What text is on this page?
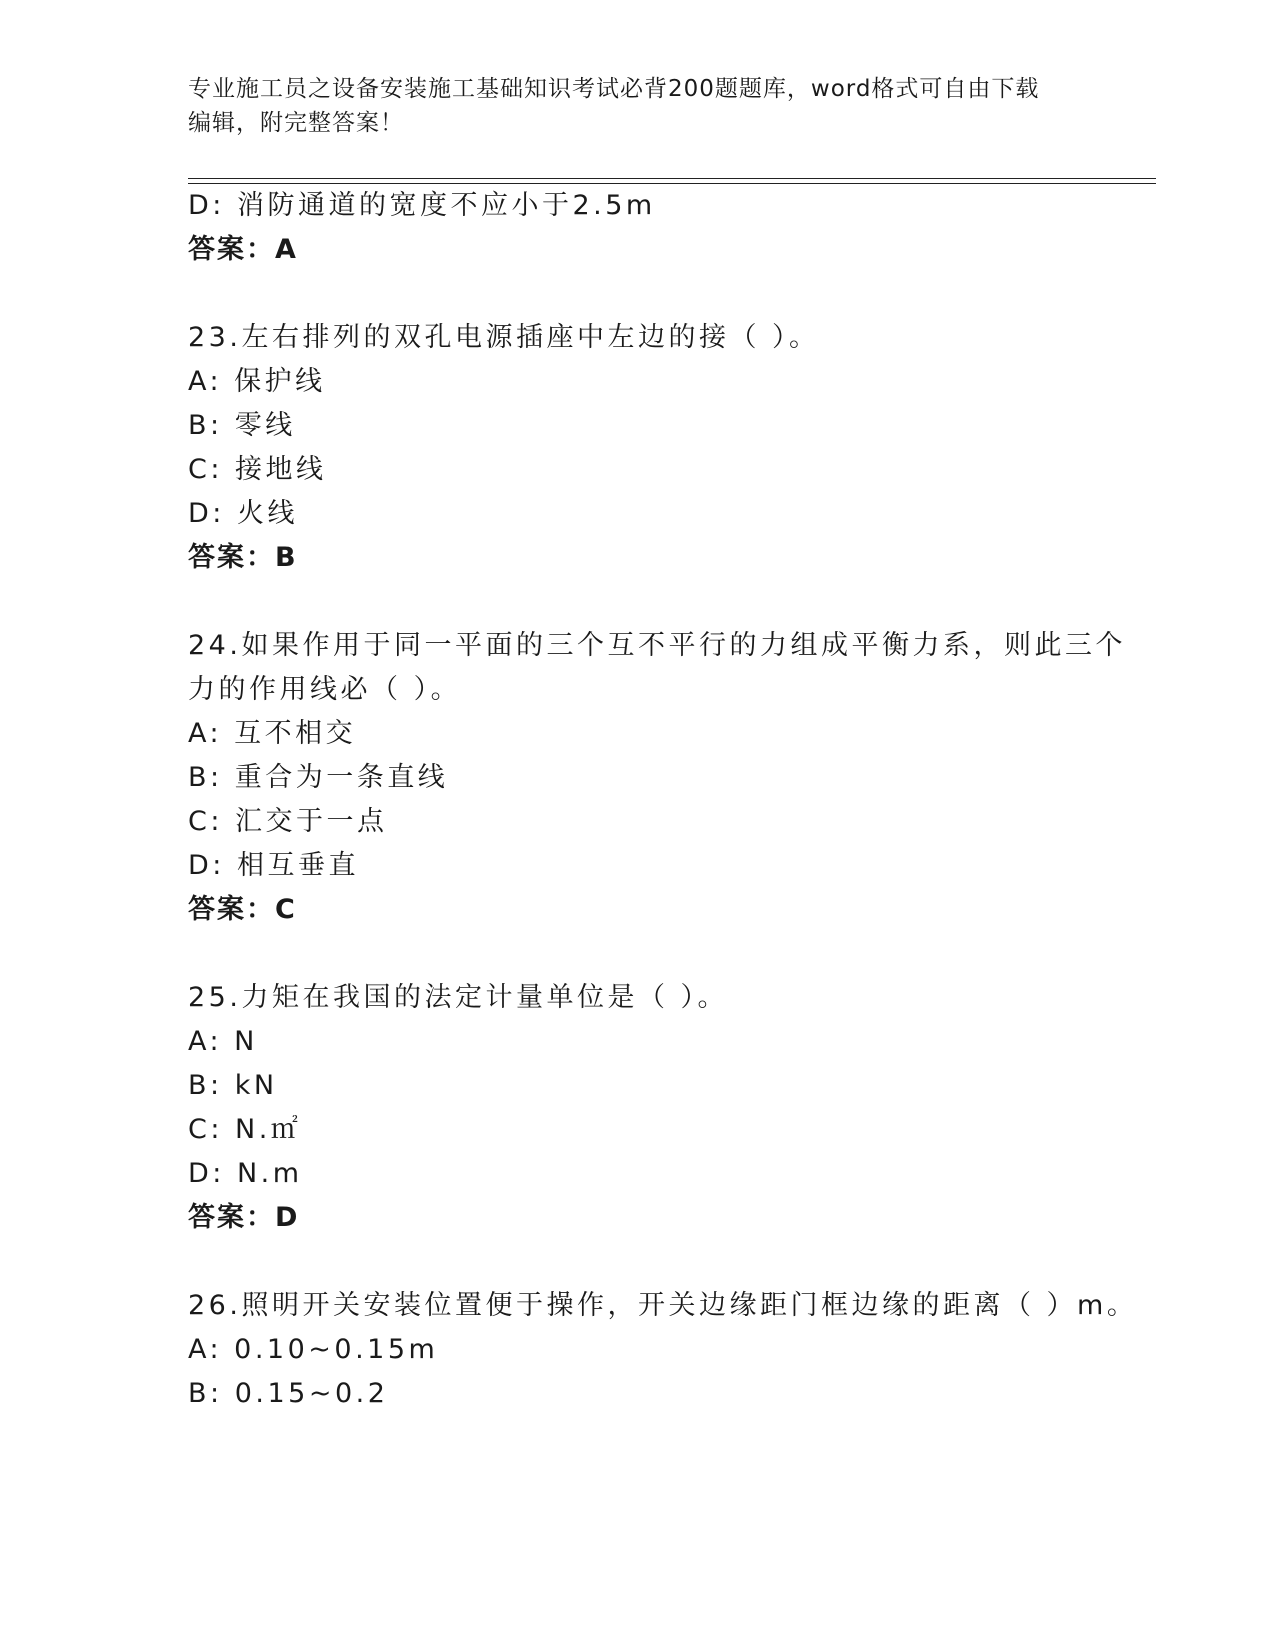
专业施工员之设备安装施工基础知识考试必背200题题库，word格式可自由下载
编辑，附完整答案！
D: 消防通道的宽度不应小于2.5m
答案：A
23.左右排列的双孔电源插座中左边的接（ ）。
A: 保护线
B: 零线
C: 接地线
D: 火线
答案：B
24.如果作用于同一平面的三个互不平行的力组成平衡力系，则此三个
力的作用线必（ ）。
A: 互不相交
B: 重合为一条直线
C: 汇交于一点
D: 相互垂直
答案：C
25.力矩在我国的法定计量单位是（ ）。
A: N
B: kN
C: N.㎡
D: N.m
答案：D
26.照明开关安装位置便于操作，开关边缘距门框边缘的距离（ ）m。
A: 0.10~0.15m
B: 0.15~0.2
